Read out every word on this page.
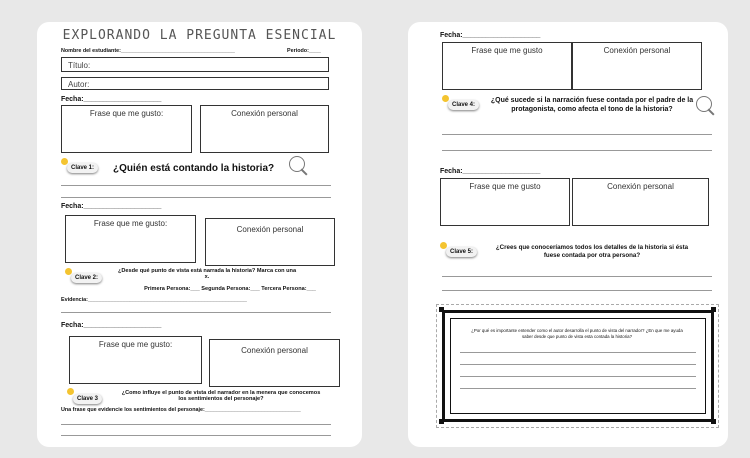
EXPLORANDO LA PREGUNTA ESENCIAL
Nombre del estudiante:______________________________________	Periodo:____
Título:
Autor:
Fecha:____________________
Frase que me gusto:	Conexión personal
Clave 1:	¿Quién está contando la historia?
Fecha:____________________
Frase que me gusto:
Conexión personal
Clave 2:
¿Desde qué punto de vista está narrada la historia? Marca con una x.
Primera Persona:___ Segunda Persona:___ Tercera Persona:___
Evidencia:_____________________________________________________
Fecha:____________________
Frase que me gusto:
Conexión personal
Clave 3
¿Como influye el punto de vista del narrador en la menera que conocemos los sentimientos del personaje?
Una frase que evidencie los sentimientos del personaje:________________________________
Fecha:____________________
Frase que me gusto	Conexión personal
Clave 4:
¿Qué sucede si la narración fuese contada por el padre de la protagonista, como afecta el tono de la historia?
Fecha:____________________
Frase que me gusto	Conexión personal
Clave 5:
¿Crees que conoceríamos todos los detalles de la historia si ésta fuese contada por otra persona?
¿Por qué es importante entender como el autor desarrolla el punto de vista del narrador? ¿En que me ayuda saber desde que punto de vista esta contada la historia?
